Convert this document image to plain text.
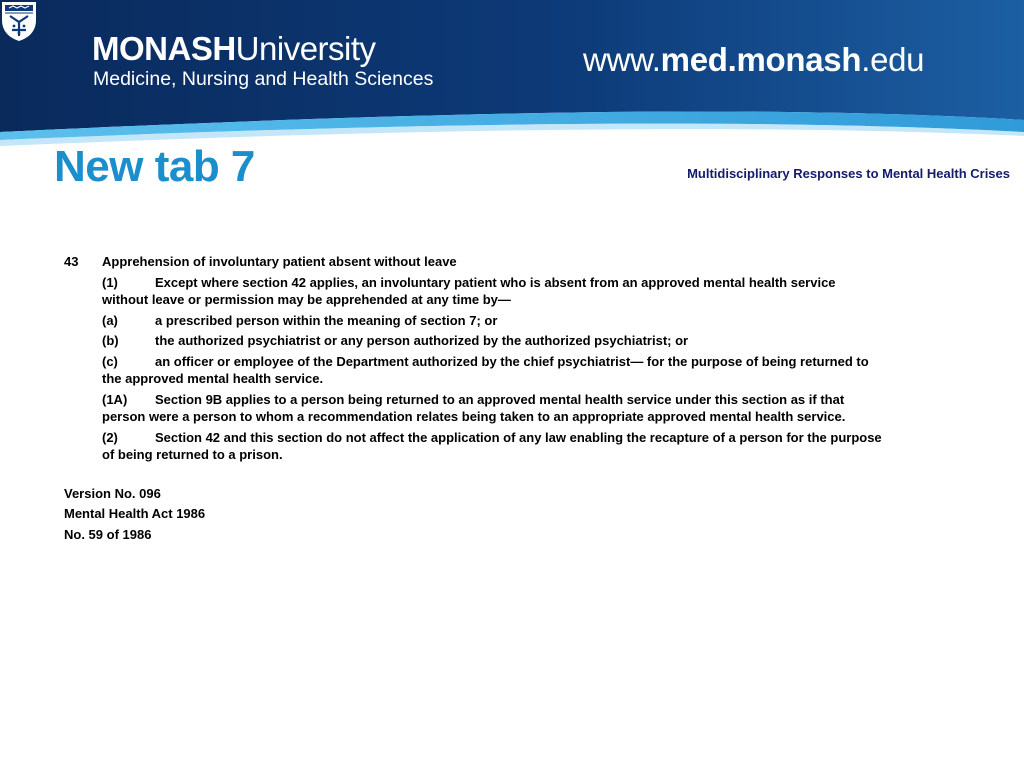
MONASHUniversity
Medicine, Nursing and Health Sciences
www.med.monash.edu
New tab 7	Multidisciplinary Responses to Mental Health Crises
43	Apprehension of involuntary patient absent without leave
(1)	Except where section 42 applies, an involuntary patient who is absent from an approved mental health service without leave or permission may be apprehended at any time by—
(a)	a prescribed person within the meaning of section 7; or
(b)	the authorized psychiatrist or any person authorized by the authorized psychiatrist; or
(c)	an officer or employee of the Department authorized by the chief psychiatrist— for the purpose of being returned to the approved mental health service.
(1A) Section 9B applies to a person being returned to an approved mental health service under this section as if that person were a person to whom a recommendation relates being taken to an appropriate approved mental health service.
(2)	Section 42 and this section do not affect the application of any law enabling the recapture of a person for the purpose of being returned to a prison.
Version No. 096
Mental Health Act 1986
No. 59 of 1986
